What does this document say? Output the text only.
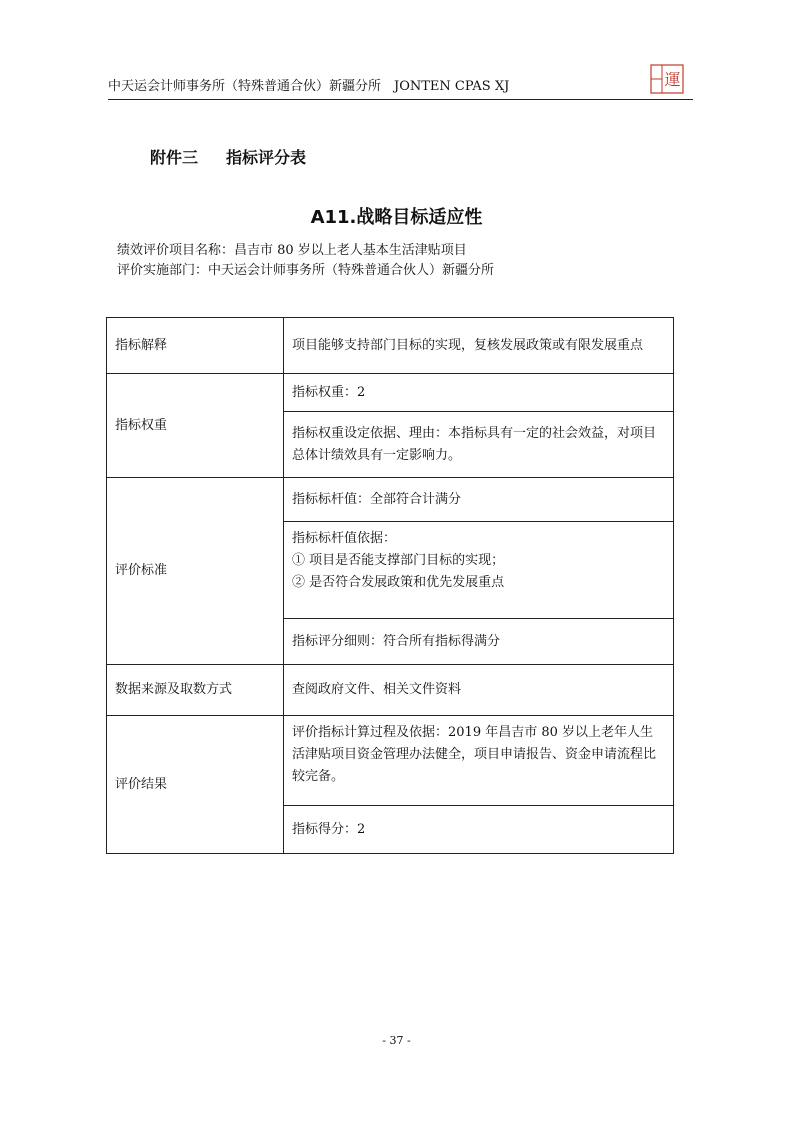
中天运会计师事务所（特殊普通合伙）新疆分所　JONTEN CPAS XJ	運
附件三 指标评分表
A11.战略目标适应性
绩效评价项目名称：昌吉市 80 岁以上老人基本生活津贴项目
评价实施部门：中天运会计师事务所（特殊普通合伙人）新疆分所
指标解释	项目能够支持部门目标的实现，复核发展政策或有限发展重点
指标权重	指标权重：2
	指标权重设定依据、理由：本指标具有一定的社会效益，对项目总体计绩效具有一定影响力。
评价标准	指标标杆值：全部符合计满分

	指标标杆值依据：
① 项目是否能支撑部门目标的实现；
② 是否符合发展政策和优先发展重点

	指标评分细则：符合所有指标得满分
数据来源及取数方式	查阅政府文件、相关文件资料
评价结果	评价指标计算过程及依据：2019 年昌吉市 80 岁以上老年人生活津贴项目资金管理办法健全，项目申请报告、资金申请流程比较完备。
	指标得分：2
- 37 -
